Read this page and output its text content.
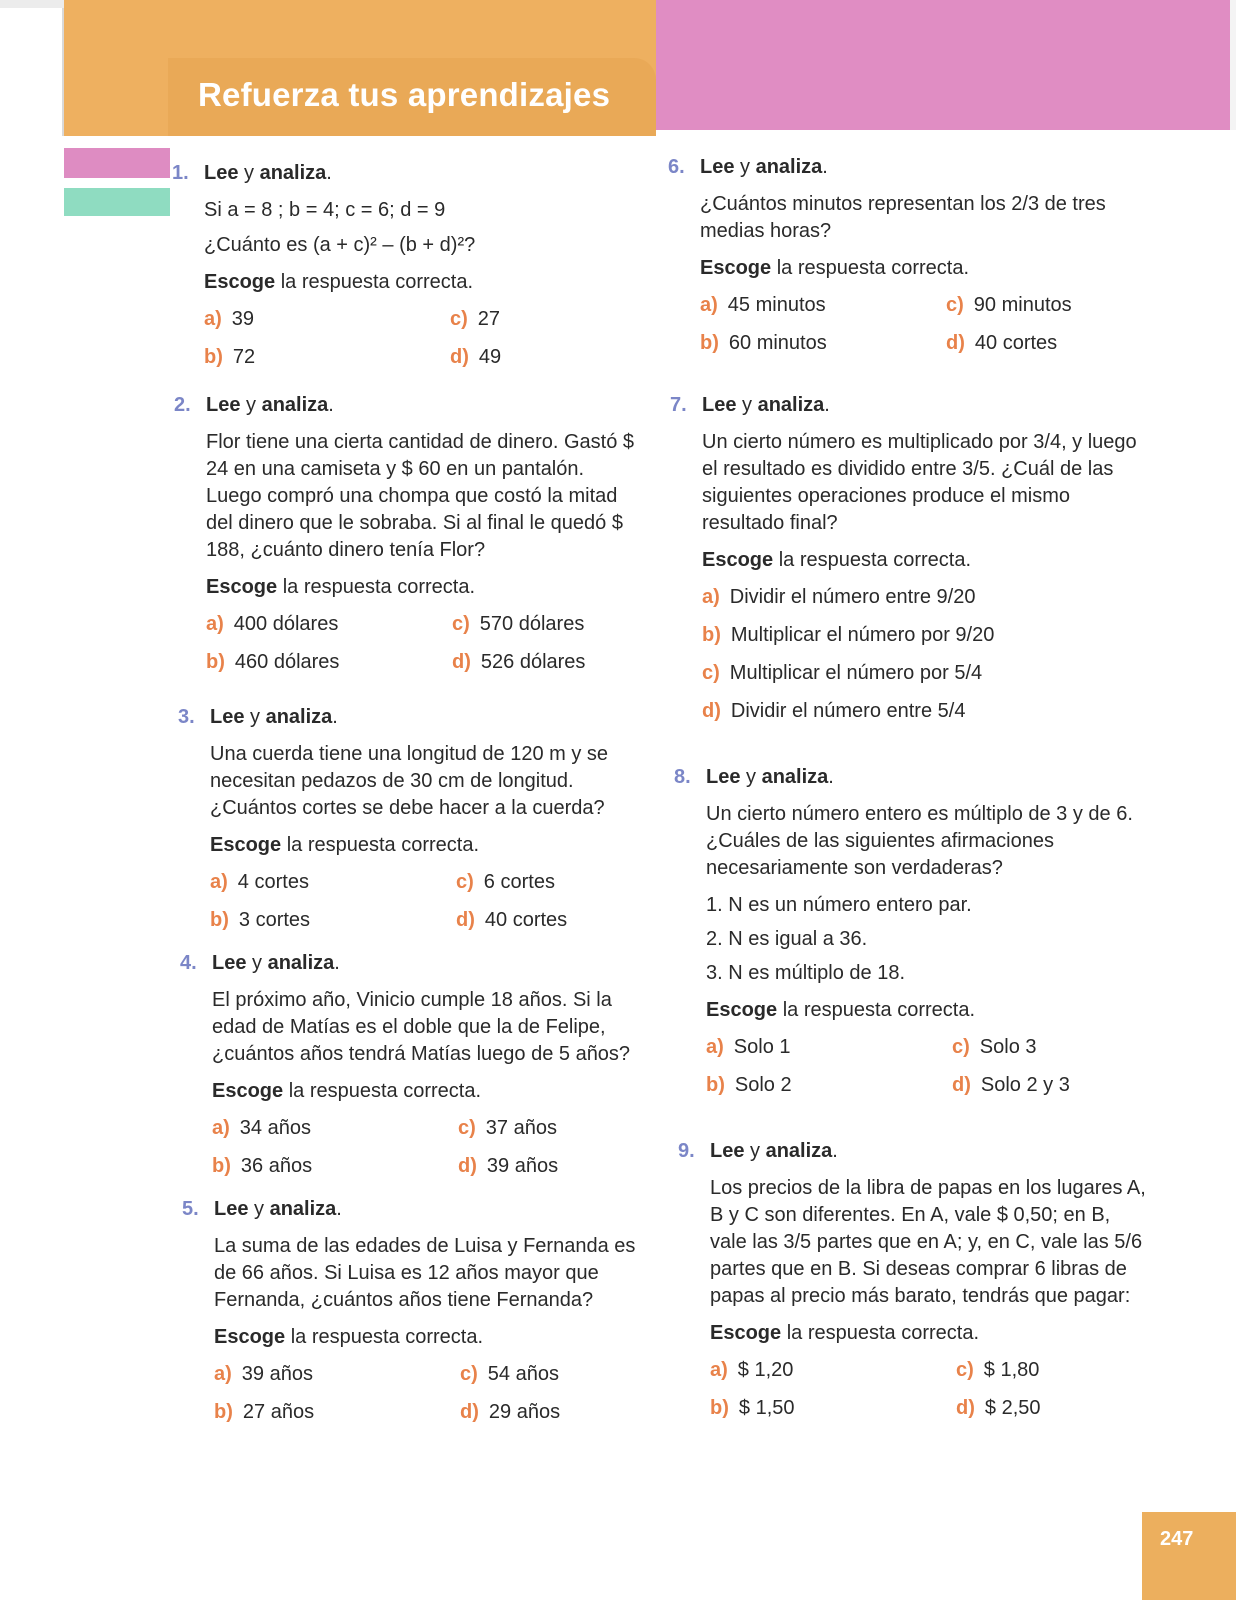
Refuerza tus aprendizajes
1. Lee y analiza.

Si a = 8 ; b = 4; c = 6; d = 9

¿Cuánto es (a + c)² – (b + d)²?

Escoge la respuesta correcta.
a) 39	c) 27
b) 72	d) 49
2. Lee y analiza.

Flor tiene una cierta cantidad de dinero. Gastó $ 24 en una camiseta y $ 60 en un pantalón. Luego compró una chompa que costó la mitad del dinero que le sobraba. Si al final le quedó $ 188, ¿cuánto dinero tenía Flor?

Escoge la respuesta correcta.
a) 400 dólares	c) 570 dólares
b) 460 dólares	d) 526 dólares
3. Lee y analiza.

Una cuerda tiene una longitud de 120 m y se necesitan pedazos de 30 cm de longitud. ¿Cuántos cortes se debe hacer a la cuerda?

Escoge la respuesta correcta.
a) 4 cortes	c) 6 cortes
b) 3 cortes	d) 40 cortes
4. Lee y analiza.

El próximo año, Vinicio cumple 18 años. Si la edad de Matías es el doble que la de Felipe, ¿cuántos años tendrá Matías luego de 5 años?

Escoge la respuesta correcta.
a) 34 años	c) 37 años
b) 36 años	d) 39 años
5. Lee y analiza.

La suma de las edades de Luisa y Fernanda es de 66 años. Si Luisa es 12 años mayor que Fernanda, ¿cuántos años tiene Fernanda?

Escoge la respuesta correcta.
a) 39 años	c) 54 años
b) 27 años	d) 29 años
6. Lee y analiza.

¿Cuántos minutos representan los 2/3 de tres medias horas?

Escoge la respuesta correcta.
a) 45 minutos	c) 90 minutos
b) 60 minutos	d) 40 cortes
7. Lee y analiza.

Un cierto número es multiplicado por 3/4, y luego el resultado es dividido entre 3/5. ¿Cuál de las siguientes operaciones produce el mismo resultado final?

Escoge la respuesta correcta.
a) Dividir el número entre 9/20
b) Multiplicar el número por 9/20
c) Multiplicar el número por 5/4
d) Dividir el número entre 5/4
8. Lee y analiza.

Un cierto número entero es múltiplo de 3 y de 6. ¿Cuáles de las siguientes afirmaciones necesariamente son verdaderas?

1. N es un número entero par.
2. N es igual a 36.
3. N es múltiplo de 18.
Escoge la respuesta correcta.
a) Solo 1	c) Solo 3
b) Solo 2	d) Solo 2 y 3
9. Lee y analiza.

Los precios de la libra de papas en los lugares A, B y C son diferentes. En A, vale $ 0,50; en B, vale las 3/5 partes que en A; y, en C, vale las 5/6 partes que en B. Si deseas comprar 6 libras de papas al precio más barato, tendrás que pagar:

Escoge la respuesta correcta.
a) $ 1,20	c) $ 1,80
b) $ 1,50	d) $ 2,50
247
